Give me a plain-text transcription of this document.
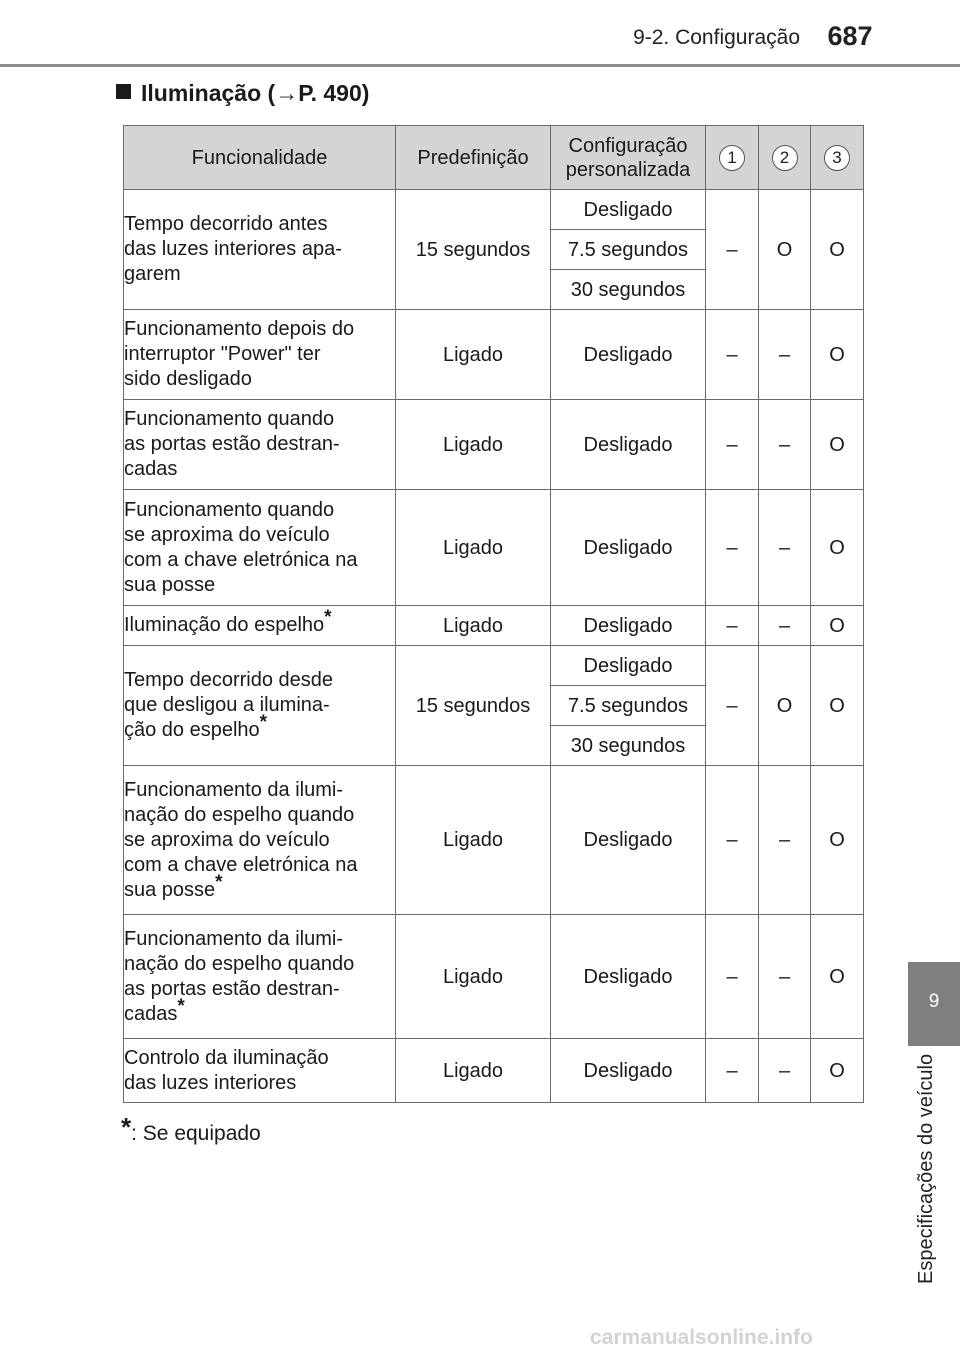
9-2. Configuração	687
Iluminação (→P. 490)
Funcionalidade	Predefinição	Configuração personalizada	1	2	3
Tempo decorrido antes
das luzes interiores apa-
garem	15 segundos	Desligado	–	O	O
		7.5 segundos			
		30 segundos			
Funcionamento depois do
interruptor "Power" ter
sido desligado	Ligado	Desligado	–	–	O
Funcionamento quando
as portas estão destran-
cadas	Ligado	Desligado	–	–	O
Funcionamento quando
se aproxima do veículo
com a chave eletrónica na
sua posse	Ligado	Desligado	–	–	O
Iluminação do espelho*	Ligado	Desligado	–	–	O
Tempo decorrido desde
que desligou a ilumina-
ção do espelho*	15 segundos	Desligado	–	O	O
		7.5 segundos			
		30 segundos			
Funcionamento da ilumi-
nação do espelho quando
se aproxima do veículo
com a chave eletrónica na
sua posse*	Ligado	Desligado	–	–	O
Funcionamento da ilumi-
nação do espelho quando
as portas estão destran-
cadas*	Ligado	Desligado	–	–	O
Controlo da iluminação
das luzes interiores	Ligado	Desligado	–	–	O
*: Se equipado
9
Especificações do veículo
carmanualsonline.info
